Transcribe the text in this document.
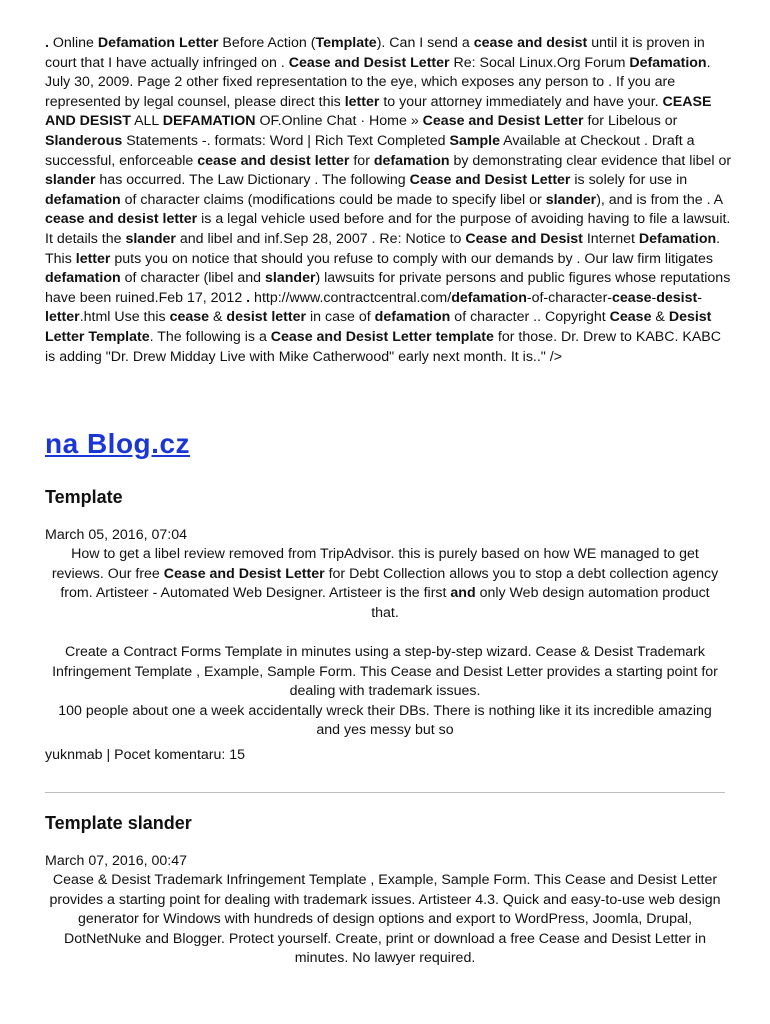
. Online Defamation Letter Before Action (Template). Can I send a cease and desist until it is proven in court that I have actually infringed on . Cease and Desist Letter Re: Socal Linux.Org Forum Defamation. July 30, 2009. Page 2 other fixed representation to the eye, which exposes any person to . If you are represented by legal counsel, please direct this letter to your attorney immediately and have your. CEASE AND DESIST ALL DEFAMATION OF.Online Chat · Home » Cease and Desist Letter for Libelous or Slanderous Statements -. formats: Word | Rich Text Completed Sample Available at Checkout . Draft a successful, enforceable cease and desist letter for defamation by demonstrating clear evidence that libel or slander has occurred. The Law Dictionary . The following Cease and Desist Letter is solely for use in defamation of character claims (modifications could be made to specify libel or slander), and is from the . A cease and desist letter is a legal vehicle used before and for the purpose of avoiding having to file a lawsuit. It details the slander and libel and inf.Sep 28, 2007 . Re: Notice to Cease and Desist Internet Defamation. This letter puts you on notice that should you refuse to comply with our demands by . Our law firm litigates defamation of character (libel and slander) lawsuits for private persons and public figures whose reputations have been ruined.Feb 17, 2012 . http://www.contractcentral.com/defamation-of-character-cease-desist-letter.html Use this cease & desist letter in case of defamation of character .. Copyright Cease & Desist Letter Template. The following is a Cease and Desist Letter template for those. Dr. Drew to KABC. KABC is adding "Dr. Drew Midday Live with Mike Catherwood" early next month. It is.." />

na Blog.cz
Template
March 05, 2016, 07:04

How to get a libel review removed from TripAdvisor. this is purely based on how WE managed to get reviews. Our free Cease and Desist Letter for Debt Collection allows you to stop a debt collection agency from. Artisteer - Automated Web Designer. Artisteer is the first and only Web design automation product that.

Create a Contract Forms Template in minutes using a step-by-step wizard. Cease & Desist Trademark Infringement Template , Example, Sample Form. This Cease and Desist Letter provides a starting point for dealing with trademark issues.

100 people about one a week accidentally wreck their DBs. There is nothing like it its incredible amazing and yes messy but so

yuknmab | Pocet komentaru: 15
Template slander
March 07, 2016, 00:47

Cease & Desist Trademark Infringement Template , Example, Sample Form. This Cease and Desist Letter provides a starting point for dealing with trademark issues. Artisteer 4.3. Quick and easy-to-use web design generator for Windows with hundreds of design options and export to WordPress, Joomla, Drupal, DotNetNuke and Blogger. Protect yourself. Create, print or download a free Cease and Desist Letter in minutes. No lawyer required.
